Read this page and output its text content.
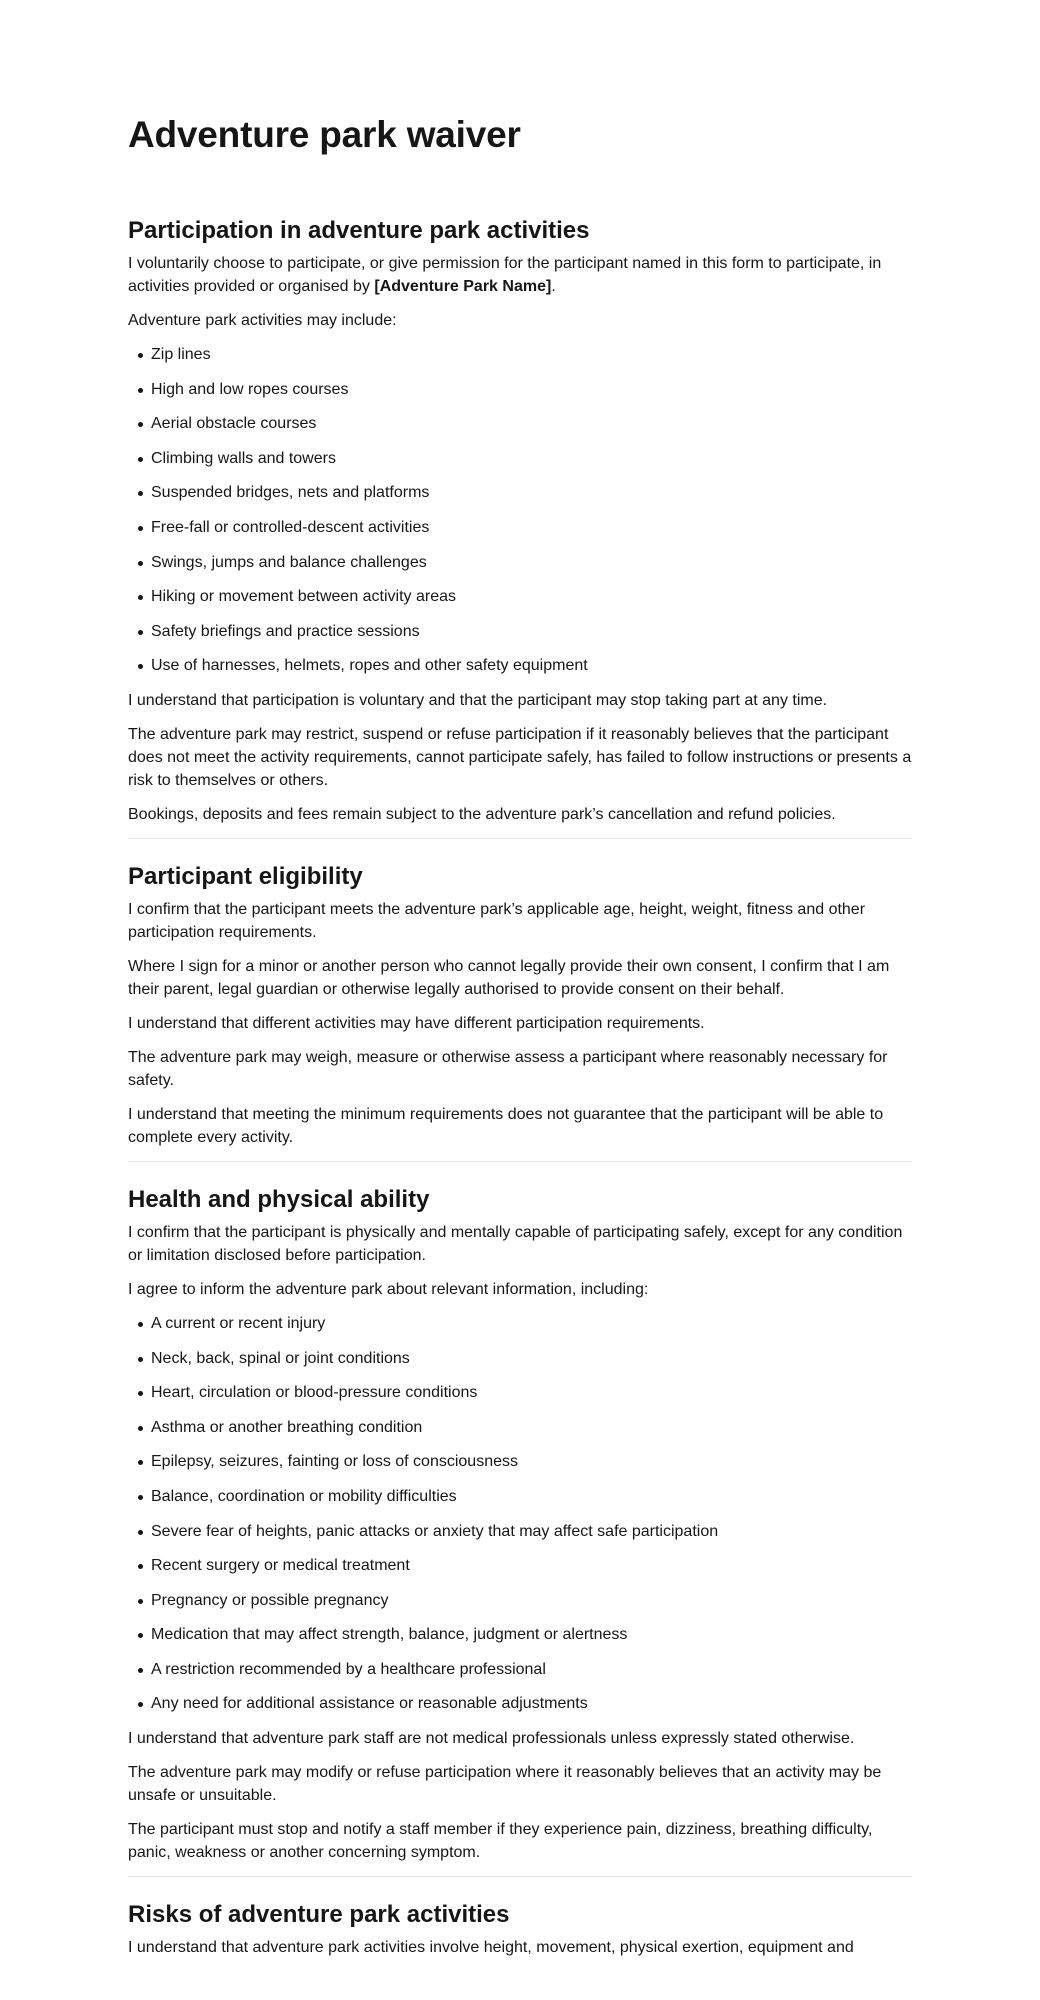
Adventure park waiver
Participation in adventure park activities

I voluntarily choose to participate, or give permission for the participant named in this form to participate, in activities provided or organised by [Adventure Park Name].

Adventure park activities may include:

Zip lines
High and low ropes courses
Aerial obstacle courses
Climbing walls and towers
Suspended bridges, nets and platforms
Free-fall or controlled-descent activities
Swings, jumps and balance challenges
Hiking or movement between activity areas
Safety briefings and practice sessions
Use of harnesses, helmets, ropes and other safety equipment

I understand that participation is voluntary and that the participant may stop taking part at any time.

The adventure park may restrict, suspend or refuse participation if it reasonably believes that the participant does not meet the activity requirements, cannot participate safely, has failed to follow instructions or presents a risk to themselves or others.

Bookings, deposits and fees remain subject to the adventure park’s cancellation and refund policies.

Participant eligibility

I confirm that the participant meets the adventure park’s applicable age, height, weight, fitness and other participation requirements.

Where I sign for a minor or another person who cannot legally provide their own consent, I confirm that I am their parent, legal guardian or otherwise legally authorised to provide consent on their behalf.

I understand that different activities may have different participation requirements.

The adventure park may weigh, measure or otherwise assess a participant where reasonably necessary for safety.

I understand that meeting the minimum requirements does not guarantee that the participant will be able to complete every activity.

Health and physical ability

I confirm that the participant is physically and mentally capable of participating safely, except for any condition or limitation disclosed before participation.

I agree to inform the adventure park about relevant information, including:

A current or recent injury
Neck, back, spinal or joint conditions
Heart, circulation or blood-pressure conditions
Asthma or another breathing condition
Epilepsy, seizures, fainting or loss of consciousness
Balance, coordination or mobility difficulties
Severe fear of heights, panic attacks or anxiety that may affect safe participation
Recent surgery or medical treatment
Pregnancy or possible pregnancy
Medication that may affect strength, balance, judgment or alertness
A restriction recommended by a healthcare professional
Any need for additional assistance or reasonable adjustments

I understand that adventure park staff are not medical professionals unless expressly stated otherwise.

The adventure park may modify or refuse participation where it reasonably believes that an activity may be unsafe or unsuitable.

The participant must stop and notify a staff member if they experience pain, dizziness, breathing difficulty, panic, weakness or another concerning symptom.

Risks of adventure park activities

I understand that adventure park activities involve height, movement, physical exertion, equipment and
